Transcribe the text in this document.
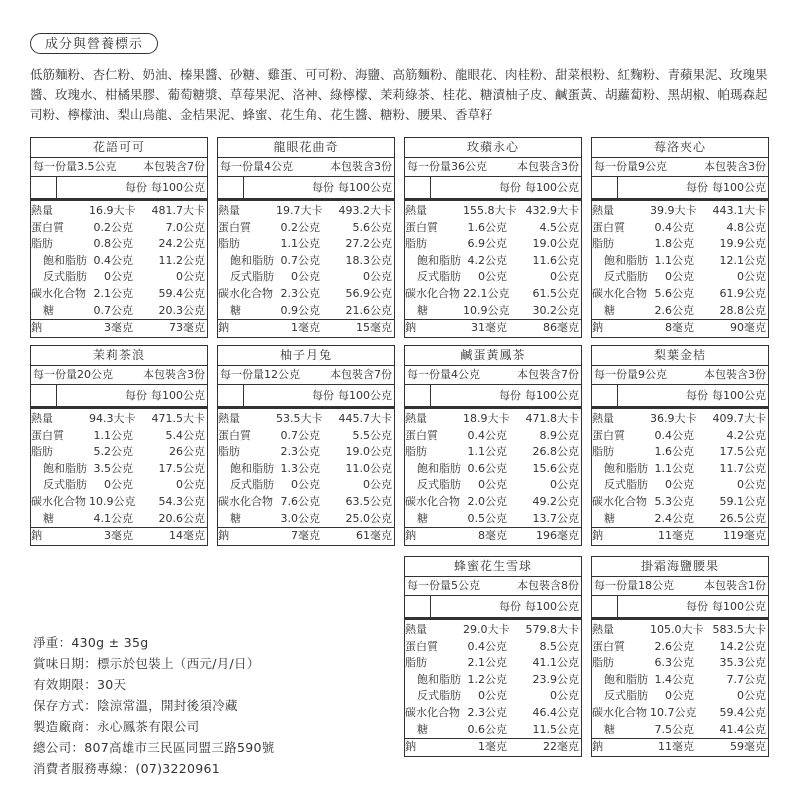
成分與營養標示
低筋麵粉、杏仁粉、奶油、榛果醬、砂糖、雞蛋、可可粉、海鹽、高筋麵粉、龍眼花、肉桂粉、甜菜根粉、紅麴粉、青蘋果泥、玫瑰果醬、玫瑰水、柑橘果膠、葡萄糖漿、草莓果泥、洛神、綠檸檬、茉莉綠茶、桂花、糖漬柚子皮、鹹蛋黃、胡蘿蔔粉、黑胡椒、帕瑪森起司粉、檸檬油、梨山烏龍、金桔果泥、蜂蜜、花生角、花生醬、糖粉、腰果、香草籽
花語可可
每一份量3.5公克 本包裝含7份
每份 每100公克
熱量	16.9大卡	481.7大卡
蛋白質	0.2公克	7.0公克
脂肪	0.8公克	24.2公克
飽和脂肪 0.4公克	11.2公克
反式脂肪	0公克	0公克
碳水化合物 2.1公克	59.4公克
糖	0.7公克	20.3公克
鈉	3毫克	73毫克
龍眼花曲奇
每一份量4公克	本包裝含3份
每份 每100公克
熱量	19.7大卡	493.2大卡
蛋白質	0.2公克	5.6公克
脂肪	1.1公克	27.2公克
飽和脂肪 0.7公克	18.3公克
反式脂肪	0公克	0公克
碳水化合物 2.3公克	56.9公克
糖	0.9公克	21.6公克
鈉	1毫克	15毫克
玫蘋永心
每一份量36公克	本包裝含3份
每份 每100公克
熱量	155.8大卡 432.9大卡
蛋白質	1.6公克	4.5公克
脂肪	6.9公克	19.0公克
飽和脂肪 4.2公克	11.6公克
反式脂肪	0公克	0公克
碳水化合物 22.1公克	61.5公克
糖	10.9公克	30.2公克
鈉	31毫克	86毫克
莓洛夾心
每一份量9公克	本包裝含3份
每份 每100公克
熱量	39.9大卡	443.1大卡
蛋白質	0.4公克	4.8公克
脂肪	1.8公克	19.9公克
飽和脂肪 1.1公克	12.1公克
反式脂肪	0公克	0公克
碳水化合物 5.6公克	61.9公克
糖	2.6公克	28.8公克
鈉	8毫克	90毫克
茉莉茶浪
每一份量20公克	本包裝含3份
每份 每100公克
熱量	94.3大卡	471.5大卡
蛋白質	1.1公克	5.4公克
脂肪	5.2公克	26公克
飽和脂肪 3.5公克	17.5公克
反式脂肪	0公克	0公克
碳水化合物 10.9公克	54.3公克
糖	4.1公克	20.6公克
鈉	3毫克	14毫克
柚子月兔
每一份量12公克	本包裝含7份
每份 每100公克
熱量	53.5大卡	445.7大卡
蛋白質	0.7公克	5.5公克
脂肪	2.3公克	19.0公克
飽和脂肪 1.3公克	11.0公克
反式脂肪	0公克	0公克
碳水化合物 7.6公克	63.5公克
糖	3.0公克	25.0公克
鈉	7毫克	61毫克
鹹蛋黃鳳茶
每一份量4公克	本包裝含7份
每份 每100公克
熱量	18.9大卡	471.8大卡
蛋白質	0.4公克	8.9公克
脂肪	1.1公克	26.8公克
飽和脂肪 0.6公克	15.6公克
反式脂肪	0公克	0公克
碳水化合物 2.0公克	49.2公克
糖	0.5公克	13.7公克
鈉	8毫克	196毫克
梨葉金桔
每一份量9公克	本包裝含3份
每份 每100公克
熱量	36.9大卡	409.7大卡
蛋白質	0.4公克	4.2公克
脂肪	1.6公克	17.5公克
飽和脂肪 1.1公克	11.7公克
反式脂肪	0公克	0公克
碳水化合物 5.3公克	59.1公克
糖	2.4公克	26.5公克
鈉	11毫克	119毫克
蜂蜜花生雪球
每一份量5公克	本包裝含8份
每份 每100公克
熱量	29.0大卡	579.8大卡
蛋白質	0.4公克	8.5公克
脂肪	2.1公克	41.1公克
飽和脂肪 1.2公克	23.9公克
反式脂肪	0公克	0公克
碳水化合物 2.3公克	46.4公克
糖	0.6公克	11.5公克
鈉	1毫克	22毫克
掛霜海鹽腰果
每一份量18公克	本包裝含1份
每份 每100公克
熱量	105.0大卡 583.5大卡
蛋白質	2.6公克	14.2公克
脂肪	6.3公克	35.3公克
飽和脂肪 1.4公克	7.7公克
反式脂肪	0公克	0公克
碳水化合物 10.7公克	59.4公克
糖	7.5公克	41.4公克
鈉	11毫克	59毫克
淨重：430g ± 35g
賞味日期：標示於包裝上（西元/月/日）
有效期限：30天
保存方式：陰涼常溫，開封後須冷藏
製造廠商：永心鳳茶有限公司
總公司：807高雄市三民區同盟三路590號
消費者服務專線：(07)3220961
